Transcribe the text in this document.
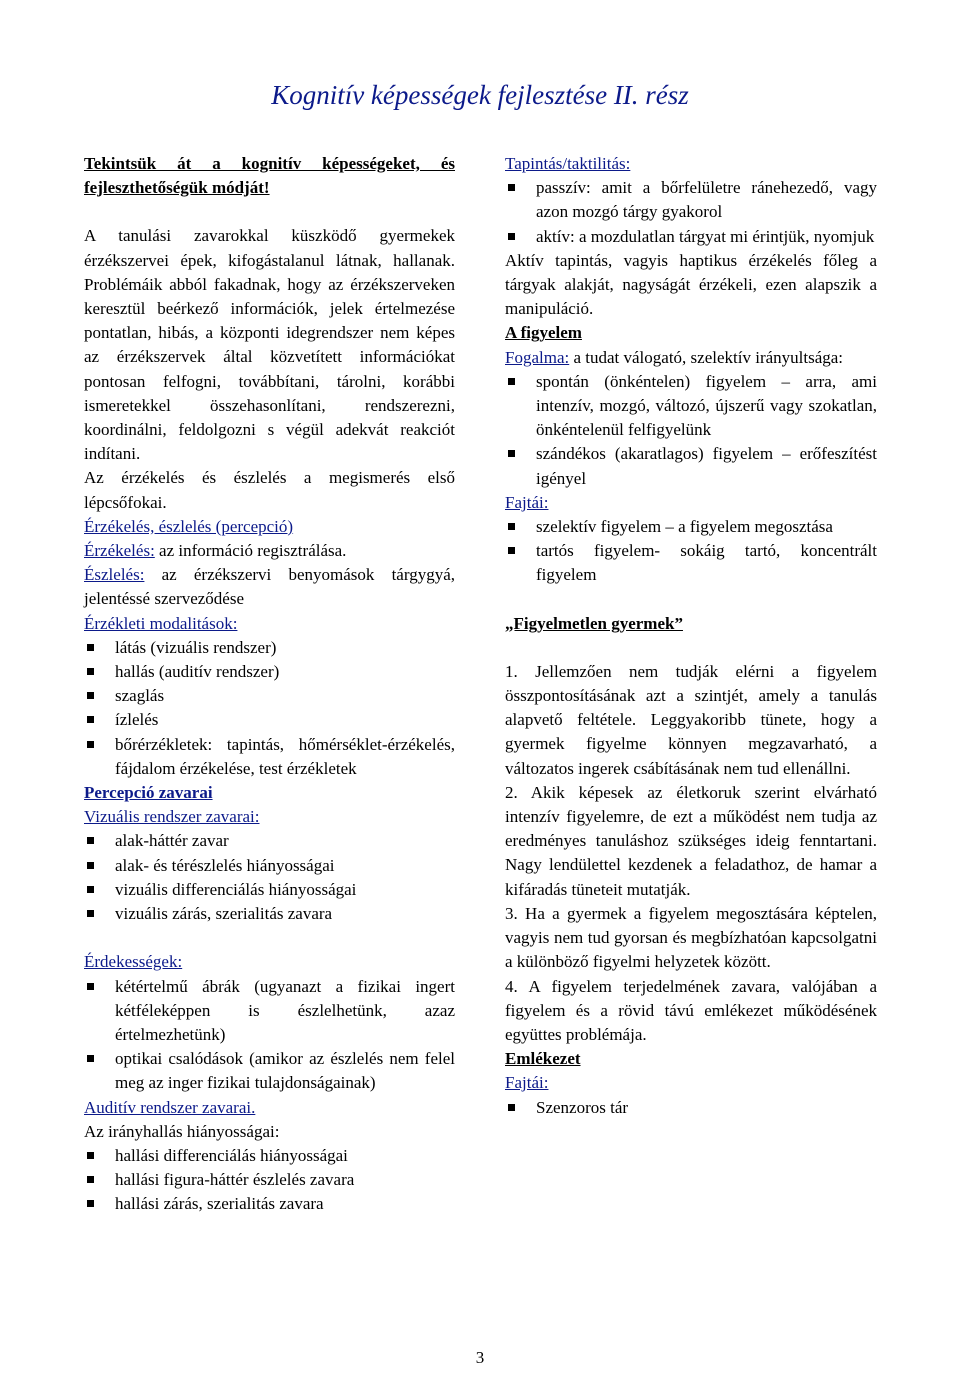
Kognitív képességek fejlesztése II. rész

Tekintsük át a kognitív képességeket, és fejleszthetőségük módját!

A tanulási zavarokkal küszködő gyermekek érzékszervei épek, kifogástalanul látnak, hallanak. Problémáik abból fakadnak, hogy az érzékszerveken keresztül beérkező információk, jelek értelmezése pontatlan, hibás, a központi idegrendszer nem képes az érzékszervek által közvetített információkat pontosan felfogni, továbbítani, tárolni, korábbi ismeretekkel összehasonlítani, rendszerezni, koordinálni, feldolgozni s végül adekvát reakciót indítani.

Az érzékelés és észlelés a megismerés első lépcsőfokai.

Érzékelés, észlelés (percepció)

Érzékelés: az információ regisztrálása.

Észlelés: az érzékszervi benyomások tárgygyá, jelentéssé szerveződése

Érzékleti modalitások:

látás (vizuális rendszer)

hallás (auditív rendszer)

szaglás

ízlelés

bőrérzékletek: tapintás, hőmérséklet-érzékelés, fájdalom érzékelése, test érzékletek

Percepció zavarai

Vizuális rendszer zavarai:

alak-háttér zavar

alak- és térészlelés hiányosságai

vizuális differenciálás hiányosságai

vizuális zárás, szerialitás zavara

Érdekességek:

kétértelmű ábrák (ugyanazt a fizikai ingert kétféleképpen is észlelhetünk, azaz értelmezhetünk)

optikai csalódások (amikor az észlelés nem felel meg az inger fizikai tulajdonságainak)

Auditív rendszer zavarai.

Az irányhallás hiányosságai:

hallási differenciálás hiányosságai

hallási figura-háttér észlelés zavara

hallási zárás, szerialitás zavara

Tapintás/taktilitás:

passzív: amit a bőrfelületre ránehezedő, vagy azon mozgó tárgy gyakorol

aktív: a mozdulatlan tárgyat mi érintjük, nyomjuk

Aktív tapintás, vagyis haptikus érzékelés főleg a tárgyak alakját, nagyságát érzékeli, ezen alapszik a manipuláció.

A figyelem

Fogalma: a tudat válogató, szelektív irányultsága:

spontán (önkéntelen) figyelem – arra, ami intenzív, mozgó, változó, újszerű vagy szokatlan, önkéntelenül felfigyelünk

szándékos (akaratlagos) figyelem – erőfeszítést igényel

Fajtái:

szelektív figyelem – a figyelem megosztása

tartós figyelem- sokáig tartó, koncentrált figyelem

„Figyelmetlen gyermek”

1. Jellemzően nem tudják elérni a figyelem összpontosításának azt a szintjét, amely a tanulás alapvető feltétele. Leggyakoribb tünete, hogy a gyermek figyelme könnyen megzavarható, a változatos ingerek csábításának nem tud ellenállni.

2. Akik képesek az életkoruk szerint elvárható intenzív figyelemre, de ezt a működést nem tudja az eredményes tanuláshoz szükséges ideig fenntartani. Nagy lendülettel kezdenek a feladathoz, de hamar a kifáradás tüneteit mutatják.

3. Ha a gyermek a figyelem megosztására képtelen, vagyis nem tud gyorsan és megbízhatóan kapcsolgatni a különböző figyelmi helyzetek között.

4. A figyelem terjedelmének zavara, valójában a figyelem és a rövid távú emlékezet működésének együttes problémája.

Emlékezet

Fajtái:

Szenzoros tár

3
